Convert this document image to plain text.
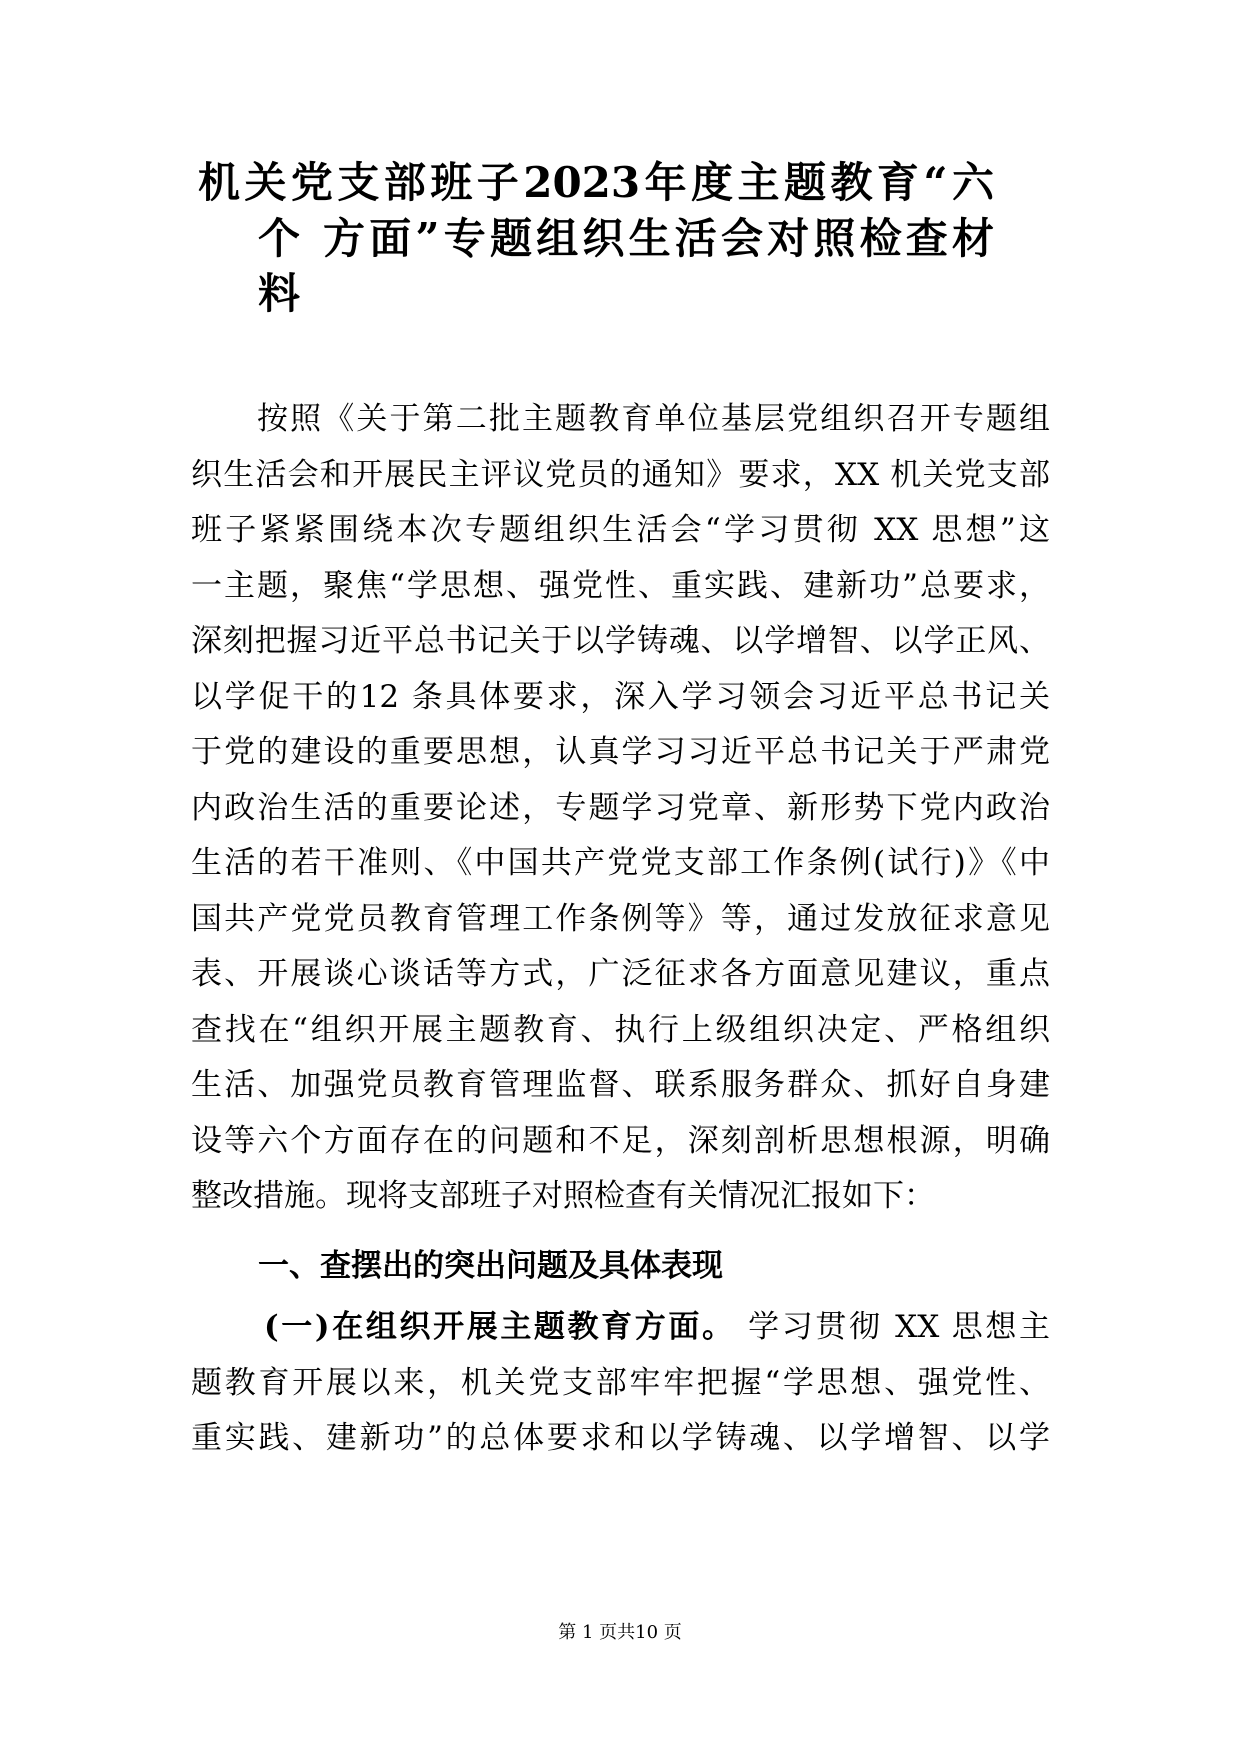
机关党支部班子2023年度主题教育“六
个 方面”专题组织生活会对照检查材
料
按照《关于第二批主题教育单位基层党组织召开专题组
织生活会和开展民主评议党员的通知》要求，XX 机关党支部
班子紧紧围绕本次专题组织生活会“学习贯彻 XX 思想”这
一主题，聚焦“学思想、强党性、重实践、建新功”总要求，
深刻把握习近平总书记关于以学铸魂、以学增智、以学正风、
以学促干的12 条具体要求，深入学习领会习近平总书记关
于党的建设的重要思想，认真学习习近平总书记关于严肃党
内政治生活的重要论述，专题学习党章、新形势下党内政治
生活的若干准则、《中国共产党党支部工作条例(试行)》《中
国共产党党员教育管理工作条例等》等，通过发放征求意见
表、开展谈心谈话等方式，广泛征求各方面意见建议，重点
查找在“组织开展主题教育、执行上级组织决定、严格组织
生活、加强党员教育管理监督、联系服务群众、抓好自身建
设等六个方面存在的问题和不足，深刻剖析思想根源，明确
整改措施。现将支部班子对照检查有关情况汇报如下：
一、查摆出的突出问题及具体表现
(一)在组织开展主题教育方面。 学习贯彻 XX 思想主
题教育开展以来，机关党支部牢牢把握“学思想、强党性、
重实践、建新功”的总体要求和以学铸魂、以学增智、以学
第 1 页共10 页
